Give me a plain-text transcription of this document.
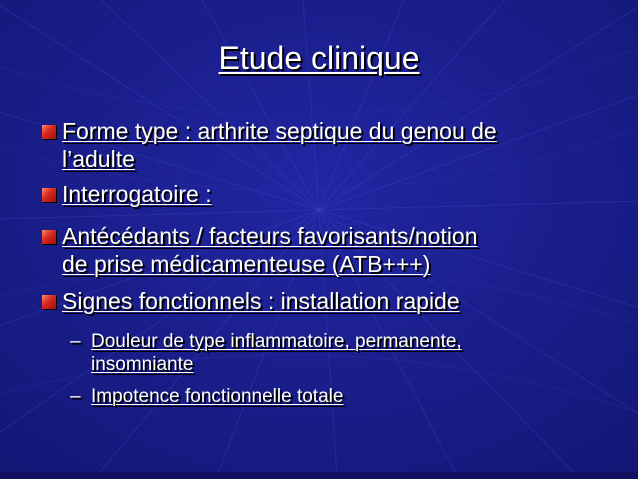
Etude clinique
Forme type : arthrite septique du genou de
l’adulte
Interrogatoire :
Antécédants / facteurs favorisants/notion
de prise médicamenteuse (ATB+++)
Signes fonctionnels : installation rapide
– Douleur de type inflammatoire, permanente,
insomniante
– Impotence fonctionnelle totale
